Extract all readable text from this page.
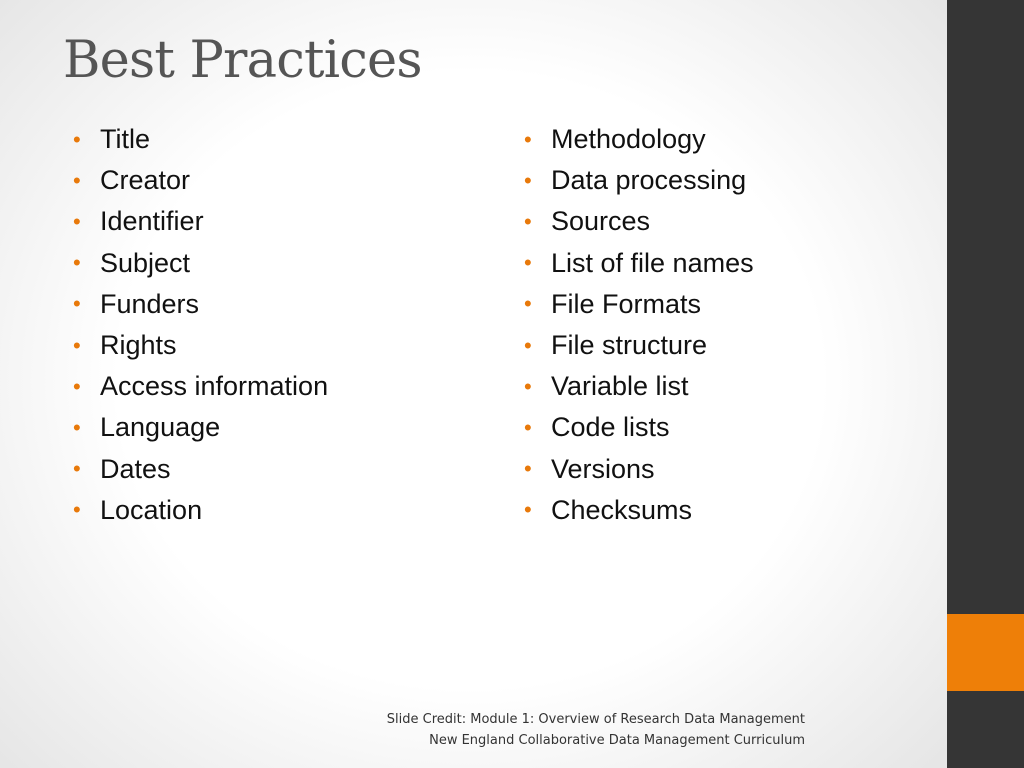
Best Practices
• Title
• Creator
• Identifier
• Subject
• Funders
• Rights
• Access information
• Language
• Dates
• Location
• Methodology
• Data processing
• Sources
• List of file names
• File Formats
• File structure
• Variable list
• Code lists
• Versions
• Checksums
Slide Credit: Module 1: Overview of Research Data Management
New England Collaborative Data Management Curriculum
